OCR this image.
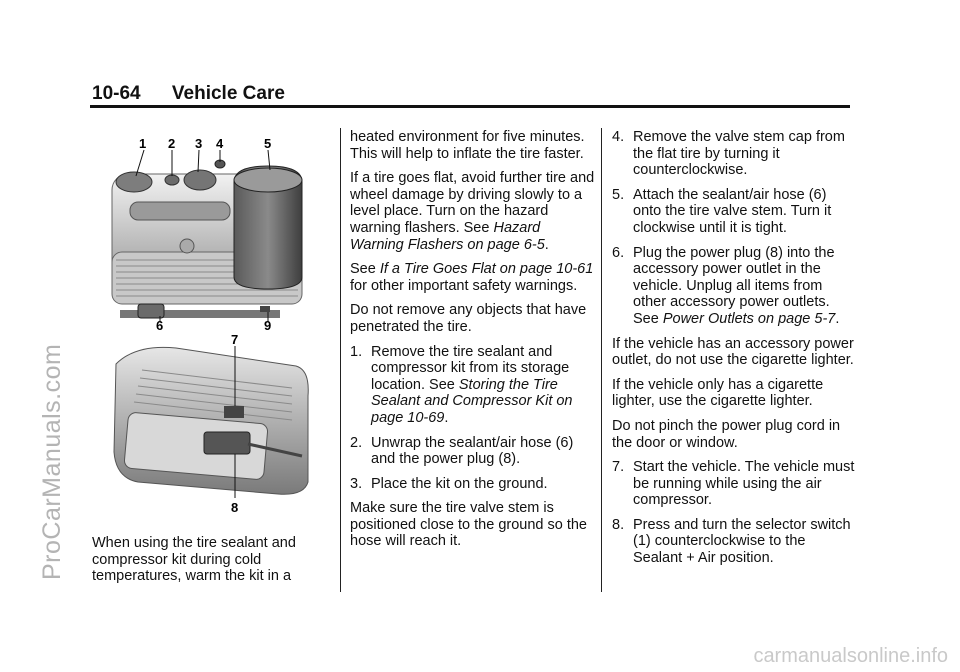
10-64 Vehicle Care
1 2 3 4	5
6	9
7
8

When using the tire sealant and compressor kit during cold temperatures, warm the kit in a

heated environment for five minutes. This will help to inflate the tire faster.

If a tire goes flat, avoid further tire and wheel damage by driving slowly to a level place. Turn on the hazard warning flashers. See Hazard Warning Flashers on page 6-5.

See If a Tire Goes Flat on page 10-61 for other important safety warnings.

Do not remove any objects that have penetrated the tire.

1. Remove the tire sealant and compressor kit from its storage location. See Storing the Tire Sealant and Compressor Kit on page 10-69.
2. Unwrap the sealant/air hose (6) and the power plug (8).
3. Place the kit on the ground.

Make sure the tire valve stem is positioned close to the ground so the hose will reach it.

4. Remove the valve stem cap from the flat tire by turning it counterclockwise.
5. Attach the sealant/air hose (6) onto the tire valve stem. Turn it clockwise until it is tight.
6. Plug the power plug (8) into the accessory power outlet in the vehicle. Unplug all items from other accessory power outlets. See Power Outlets on page 5-7.

If the vehicle has an accessory power outlet, do not use the cigarette lighter.

If the vehicle only has a cigarette lighter, use the cigarette lighter.

Do not pinch the power plug cord in the door or window.

7. Start the vehicle. The vehicle must be running while using the air compressor.
8. Press and turn the selector switch (1) counterclockwise to the Sealant + Air position.
ProCarManuals.com
carmanualsonline.info
